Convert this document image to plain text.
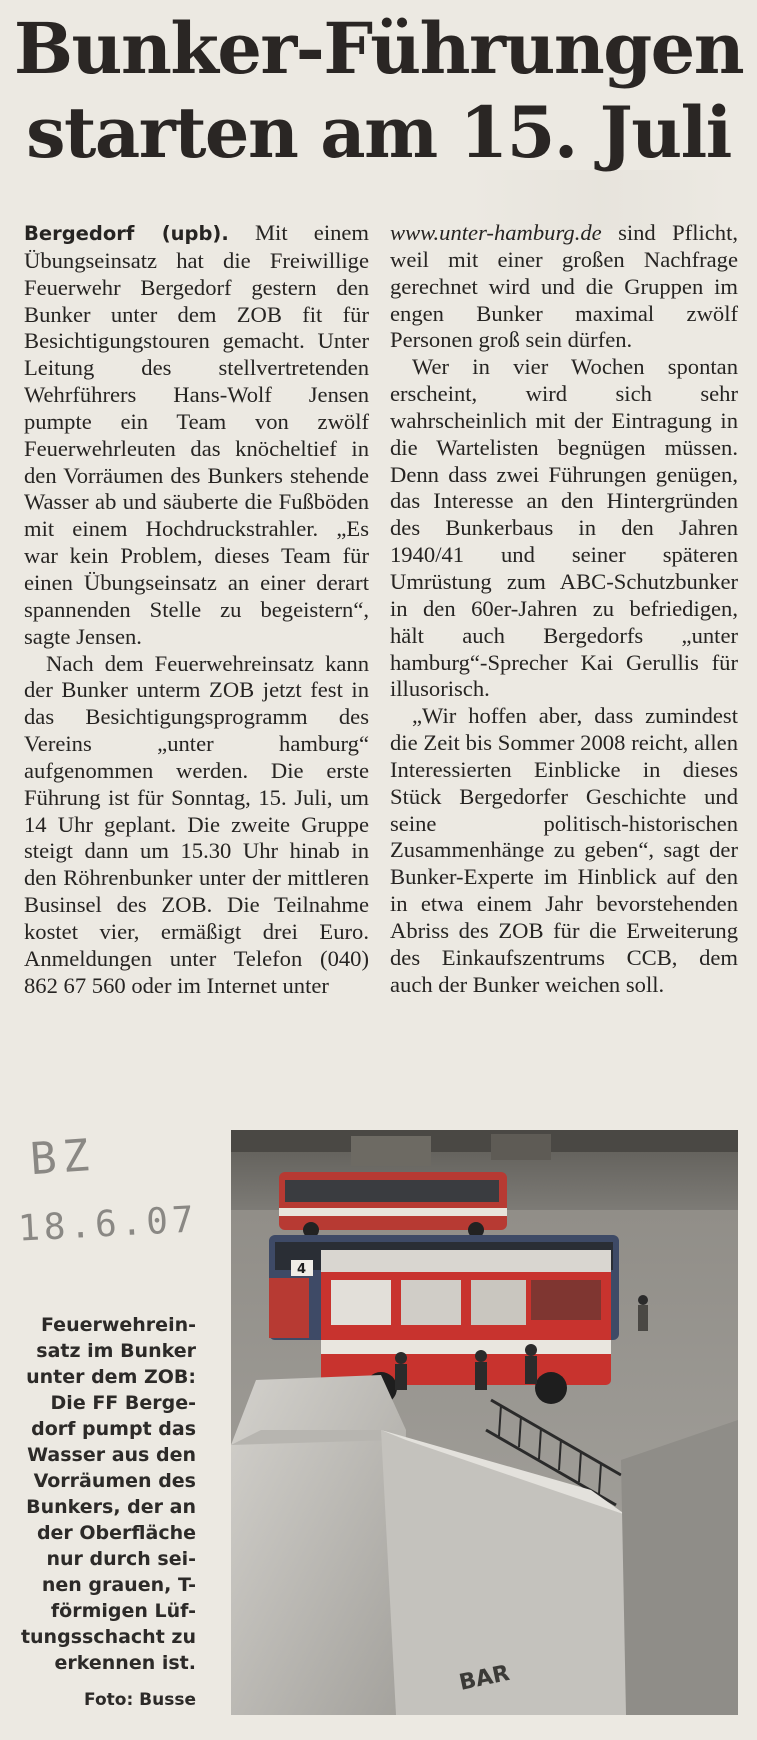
Bunker-Führungen
starten am 15. Juli

Bergedorf (upb). Mit einem Übungseinsatz hat die Freiwillige Feuerwehr Bergedorf gestern den Bunker unter dem ZOB fit für Besichtigungstouren gemacht. Unter Leitung des stellvertretenden Wehrführers Hans-Wolf Jensen pumpte ein Team von zwölf Feuerwehrleuten das knöcheltief in den Vorräumen des Bunkers stehende Wasser ab und säuberte die Fußböden mit einem Hochdruckstrahler. „Es war kein Problem, dieses Team für einen Übungseinsatz an einer derart spannenden Stelle zu begeistern“, sagte Jensen.

Nach dem Feuerwehreinsatz kann der Bunker unterm ZOB jetzt fest in das Besichtigungsprogramm des Vereins „unter hamburg“ aufgenommen werden. Die erste Führung ist für Sonntag, 15. Juli, um 14 Uhr geplant. Die zweite Gruppe steigt dann um 15.30 Uhr hinab in den Röhrenbunker unter der mittleren Businsel des ZOB. Die Teilnahme kostet vier, ermäßigt drei Euro. Anmeldungen unter Telefon (040) 862 67 560 oder im Internet unter

www.unter-hamburg.de sind Pflicht, weil mit einer großen Nachfrage gerechnet wird und die Gruppen im engen Bunker maximal zwölf Personen groß sein dürfen.

Wer in vier Wochen spontan erscheint, wird sich sehr wahrscheinlich mit der Eintragung in die Wartelisten begnügen müssen. Denn dass zwei Führungen genügen, das Interesse an den Hintergründen des Bunkerbaus in den Jahren 1940/41 und seiner späteren Umrüstung zum ABC-Schutzbunker in den 60er-Jahren zu befriedigen, hält auch Bergedorfs „unter hamburg“-Sprecher Kai Gerullis für illusorisch.

„Wir hoffen aber, dass zumindest die Zeit bis Sommer 2008 reicht, allen Interessierten Einblicke in dieses Stück Bergedorfer Geschichte und seine politisch-historischen Zusammenhänge zu geben“, sagt der Bunker-Experte im Hinblick auf den in etwa einem Jahr bevorstehenden Abriss des ZOB für die Erweiterung des Einkaufszentrums CCB, dem auch der Bunker weichen soll.

BZ
18.6.07
BAR
4

Feuerwehrein-

satz im Bunker

unter dem ZOB:

Die FF Berge-

dorf pumpt das

Wasser aus den

Vorräumen des

Bunkers, der an

der Oberfläche

nur durch sei-

nen grauen, T-

förmigen Lüf-

tungsschacht zu

erkennen ist.

Foto: Busse
